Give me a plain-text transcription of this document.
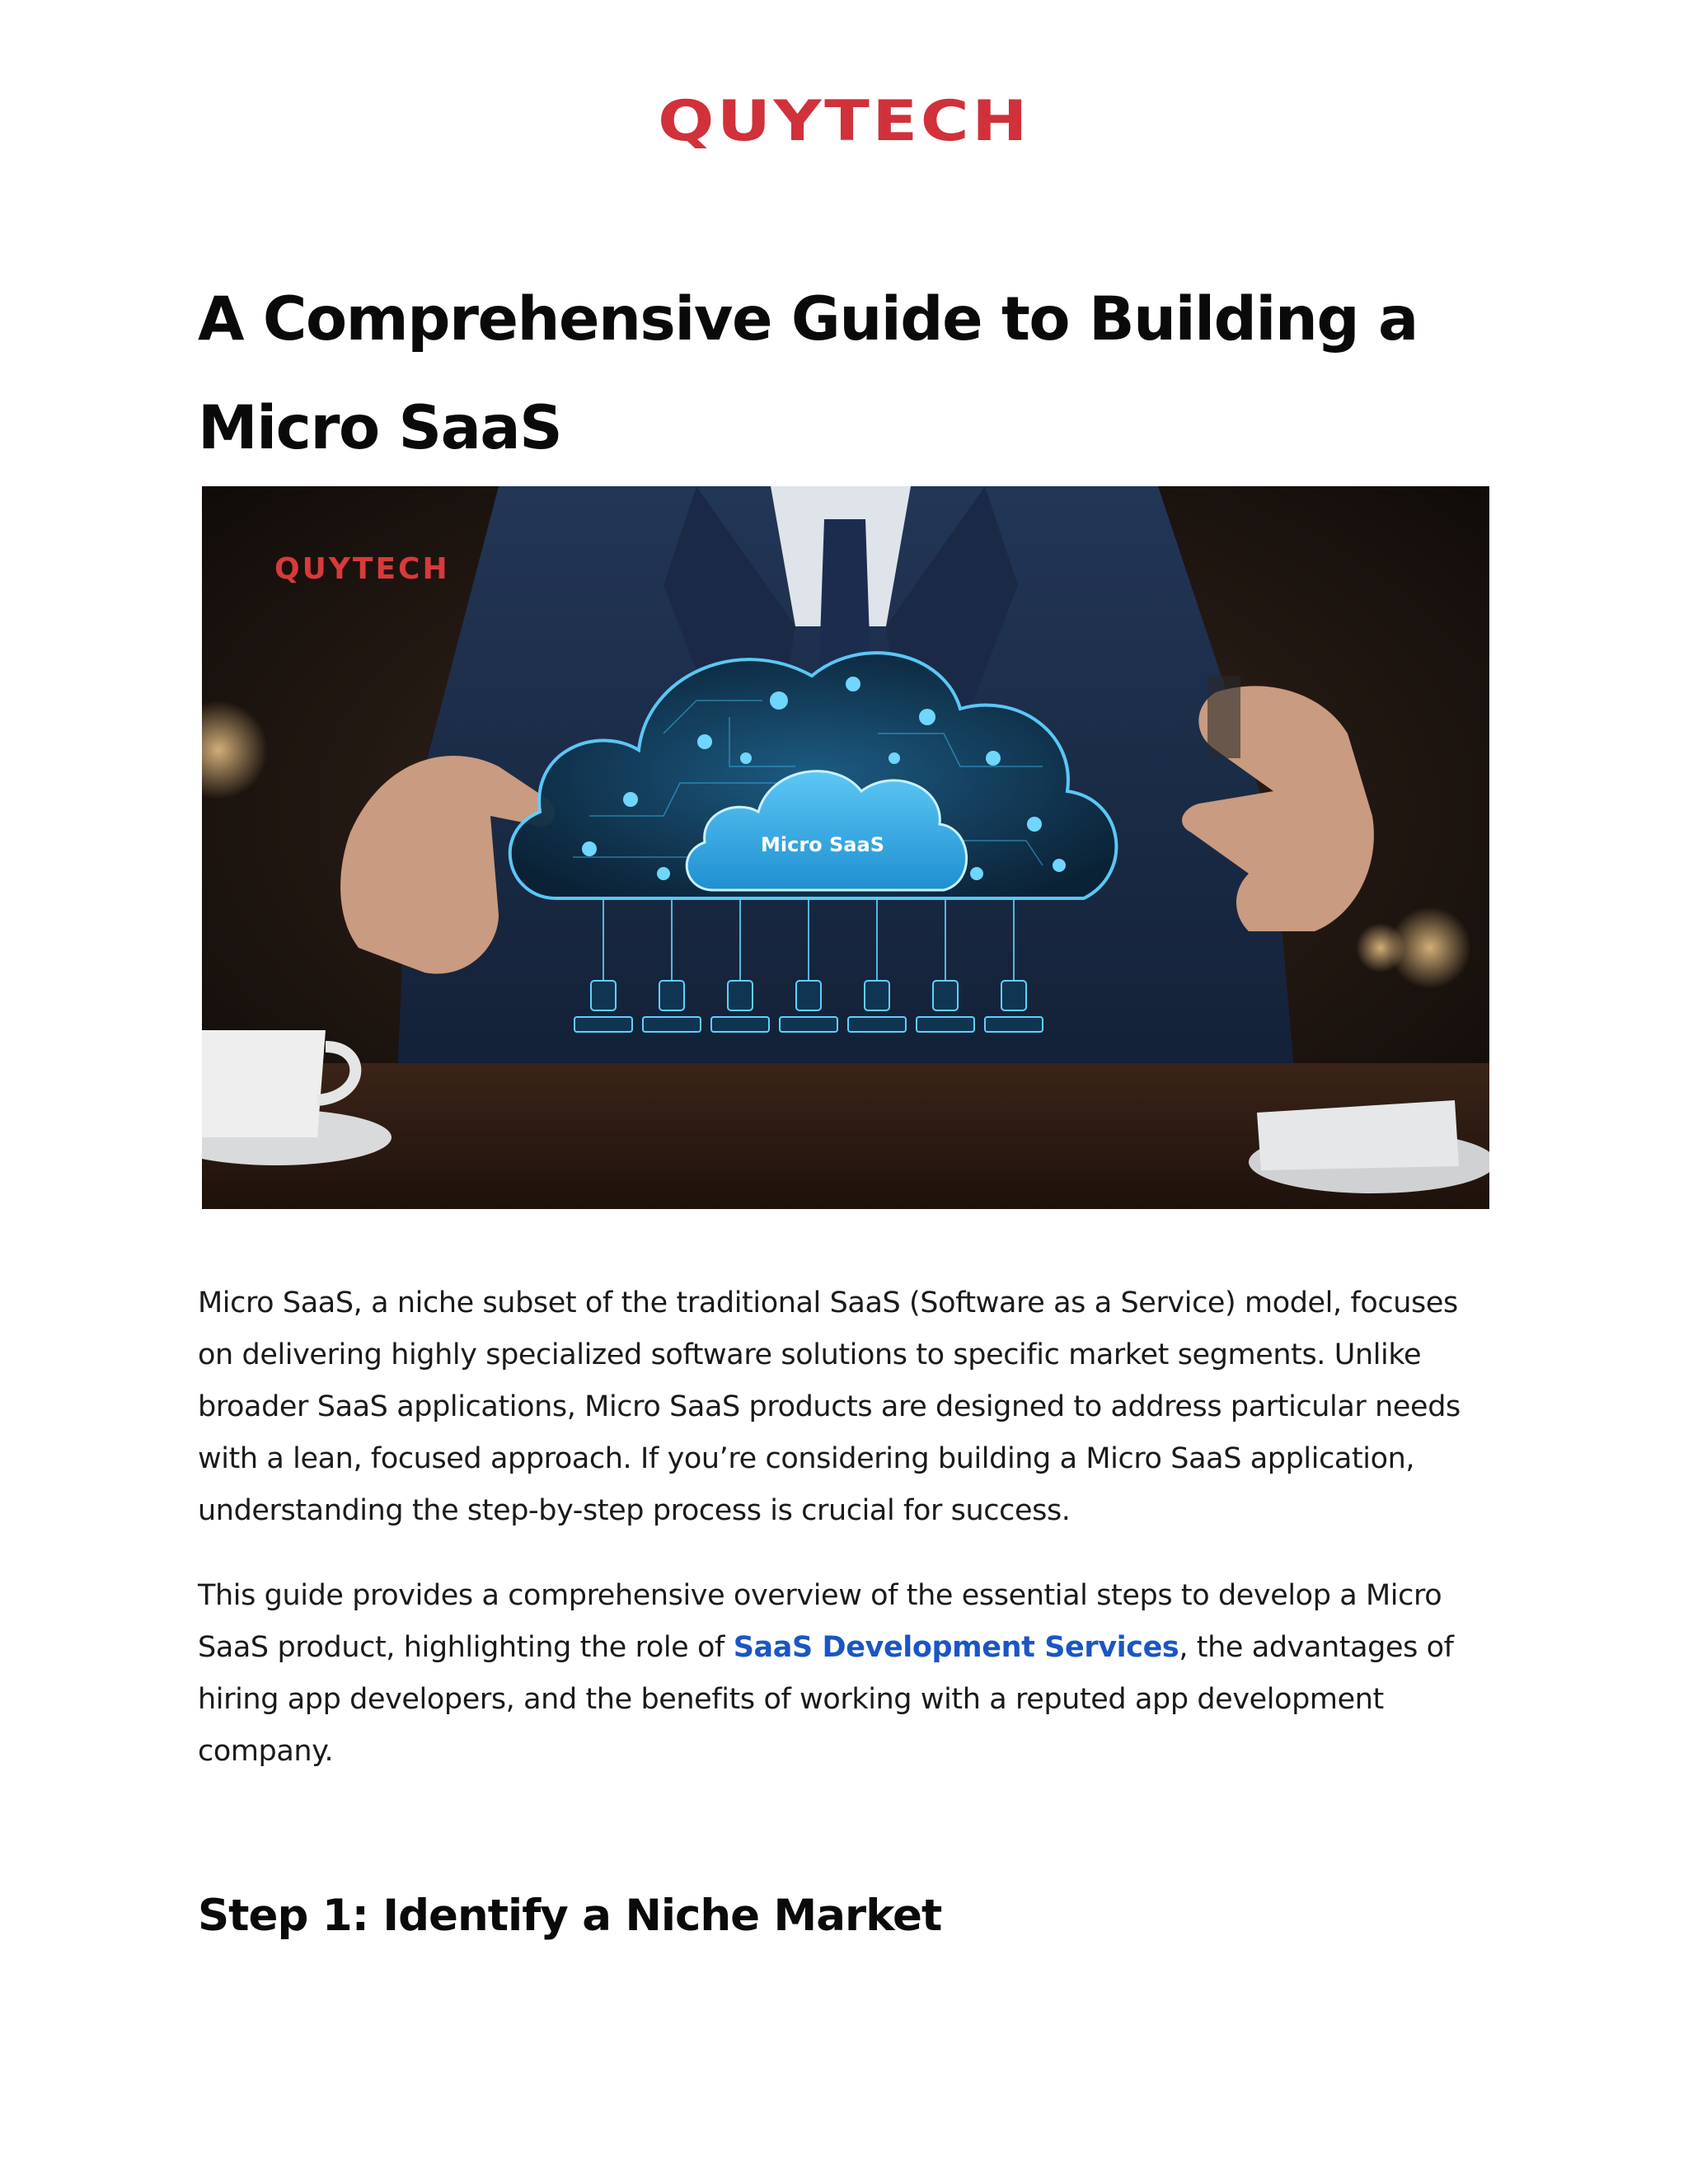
QUYTECH
A Comprehensive Guide to Building a Micro SaaS
QUYTECH
Micro SaaS

Micro SaaS, a niche subset of the traditional SaaS (Software as a Service) model, focuses on delivering highly specialized software solutions to specific market segments. Unlike broader SaaS applications, Micro SaaS products are designed to address particular needs with a lean, focused approach. If you’re considering building a Micro SaaS application, understanding the step-by-step process is crucial for success.

This guide provides a comprehensive overview of the essential steps to develop a Micro SaaS product, highlighting the role of SaaS Development Services, the advantages of hiring app developers, and the benefits of working with a reputed app development company.

Step 1: Identify a Niche Market
